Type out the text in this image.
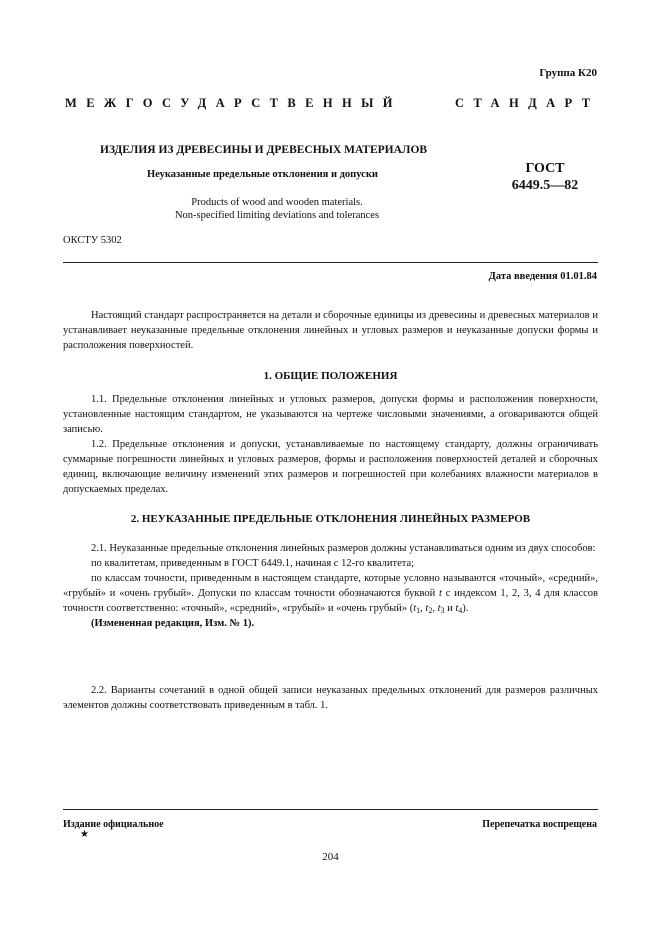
Группа К20
МЕЖГОСУДАРСТВЕННЫЙ	СТАНДАРТ
ИЗДЕЛИЯ ИЗ ДРЕВЕСИНЫ И ДРЕВЕСНЫХ МАТЕРИАЛОВ
Неуказанные предельные отклонения и допуски	ГОСТ
6449.5—82
Products of wood and wooden materials.
Non-specified limiting deviations and tolerances
ОКСТУ 5302
Дата введения 01.01.84
Настоящий стандарт распространяется на детали и сборочные единицы из древесины и древесных материалов и устанавливает неуказанные предельные отклонения линейных и угловых размеров и неуказанные допуски формы и расположения поверхностей.
1. ОБЩИЕ ПОЛОЖЕНИЯ
1.1. Предельные отклонения линейных и угловых размеров, допуски формы и расположения поверхности, установленные настоящим стандартом, не указываются на чертеже числовыми значениями, а оговариваются общей записью.
1.2. Предельные отклонения и допуски, устанавливаемые по настоящему стандарту, должны ограничивать суммарные погрешности линейных и угловых размеров, формы и расположения поверхностей деталей и сборочных единиц, включающие величину изменений этих размеров и погрешностей при колебаниях влажности материалов в допускаемых пределах.
2. НЕУКАЗАННЫЕ ПРЕДЕЛЬНЫЕ ОТКЛОНЕНИЯ ЛИНЕЙНЫХ РАЗМЕРОВ
2.1. Неуказанные предельные отклонения линейных размеров должны устанавливаться одним из двух способов:
по квалитетам, приведенным в ГОСТ 6449.1, начиная с 12-го квалитета;
по классам точности, приведенным в настоящем стандарте, которые условно называются «точный», «средний», «грубый» и «очень грубый». Допуски по классам точности обозначаются буквой t с индексом 1, 2, 3, 4 для классов точности соответственно: «точный», «средний», «грубый» и «очень грубый» ($t_1$, $t_2$, $t_3$ и $t_4$).
(Измененная редакция, Изм. № 1).
2.2. Варианты сочетаний в одной общей записи неуказаных предельных отклонений для размеров различных элементов должны соответствовать приведенным в табл. 1.
Издание официальное	Перепечатка воспрещена
★
204
